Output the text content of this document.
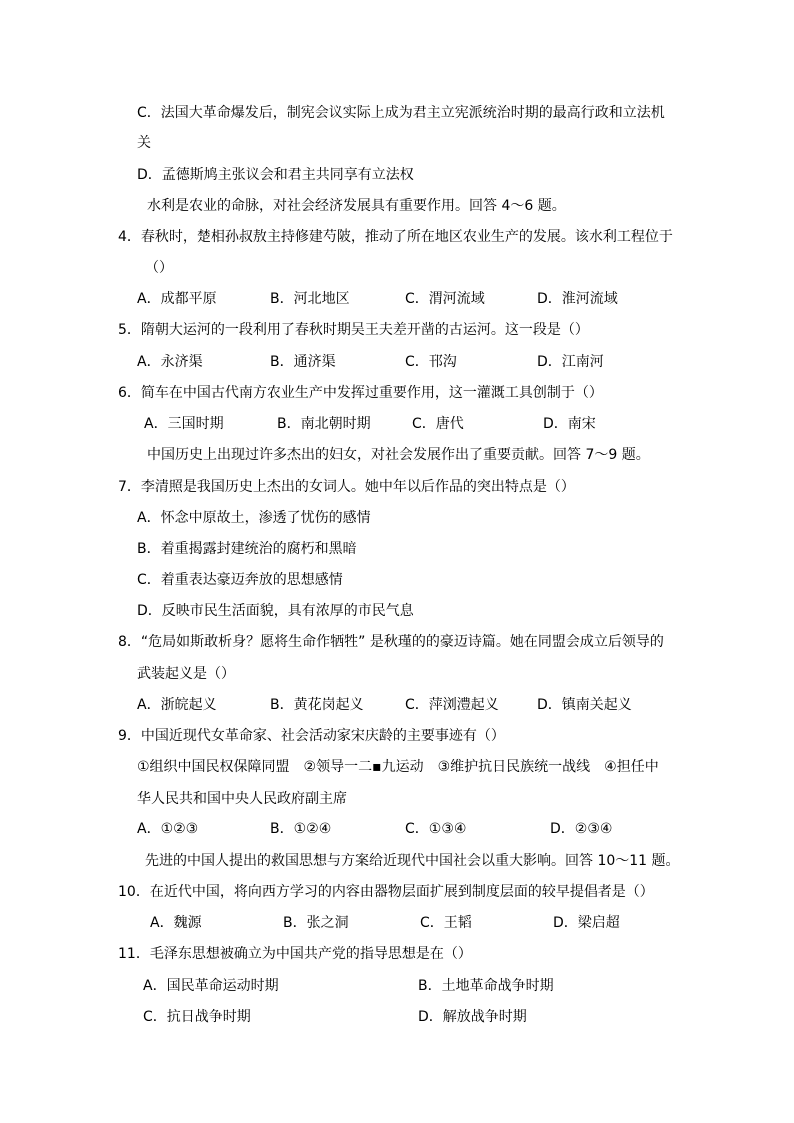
C．法国大革命爆发后，制宪会议实际上成为君主立宪派统治时期的最高行政和立法机
关
D．孟德斯鸠主张议会和君主共同享有立法权
水利是农业的命脉，对社会经济发展具有重要作用。回答 4～6 题。
4．春秋时，楚相孙叔敖主持修建芍陂，推动了所在地区农业生产的发展。该水利工程位于
（）
A．成都平原	B．河北地区	C．渭河流域	D．淮河流域
5．隋朝大运河的一段利用了春秋时期吴王夫差开凿的古运河。这一段是（）
A．永济渠	B．通济渠	C．邗沟	D．江南河
6．简车在中国古代南方农业生产中发挥过重要作用，这一灌溉工具创制于（）
A．三国时期	B．南北朝时期	C．唐代	D．南宋
中国历史上出现过许多杰出的妇女，对社会发展作出了重要贡献。回答 7～9 题。
7．李清照是我国历史上杰出的女词人。她中年以后作品的突出特点是（）
A．怀念中原故土，渗透了忧伤的感情
B．着重揭露封建统治的腐朽和黑暗
C．着重表达豪迈奔放的思想感情
D．反映市民生活面貌，具有浓厚的市民气息
8．“危局如斯敢析身？愿将生命作牺牲” 是秋瑾的的豪迈诗篇。她在同盟会成立后领导的
武装起义是（）
A．浙皖起义	B．黄花岗起义	C．萍浏澧起义	D．镇南关起义
9．中国近现代女革命家、社会活动家宋庆龄的主要事迹有（）
①组织中国民权保障同盟　②领导一二▪九运动　③维护抗日民族统一战线　④担任中
华人民共和国中央人民政府副主席
A．①②③	B．①②④	C．①③④	D．②③④
先进的中国人提出的救国思想与方案给近现代中国社会以重大影响。回答 10～11 题。
10．在近代中国，将向西方学习的内容由器物层面扩展到制度层面的较早提倡者是（）
A．魏源	B．张之洞	C．王韬	D．梁启超
11．毛泽东思想被确立为中国共产党的指导思想是在（）
A．国民革命运动时期	B．土地革命战争时期
C．抗日战争时期	D．解放战争时期
